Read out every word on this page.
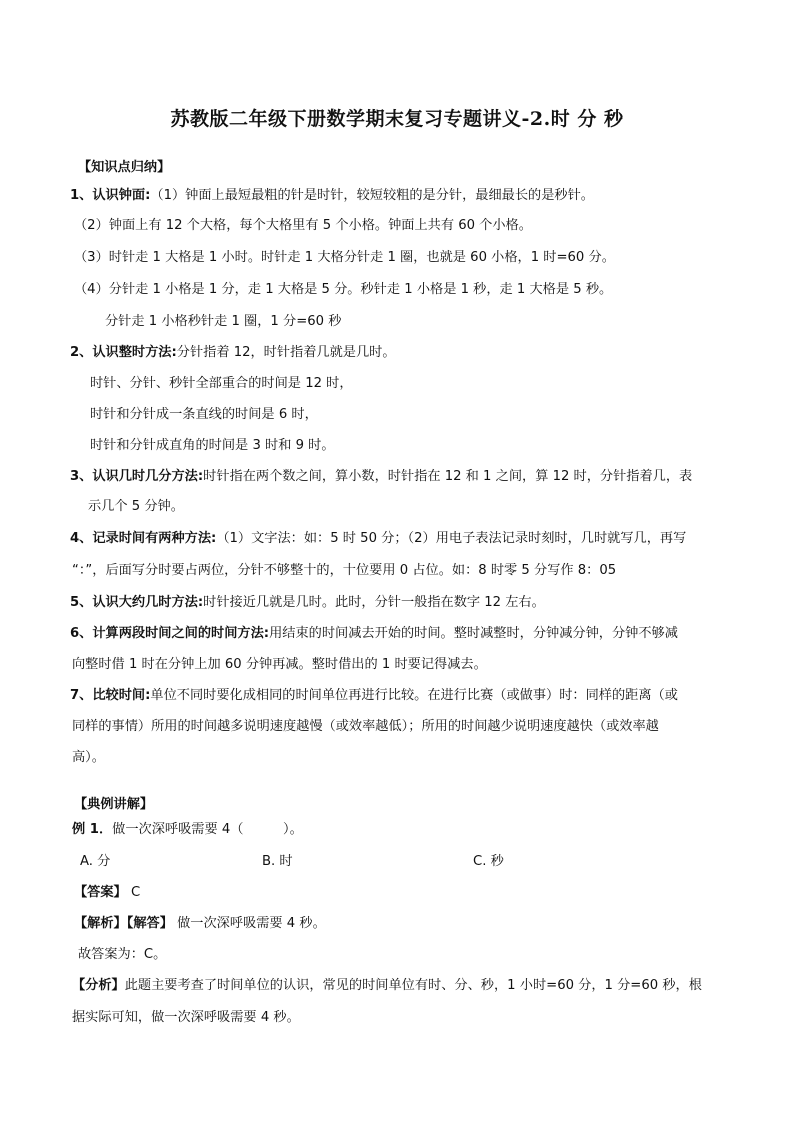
苏教版二年级下册数学期末复习专题讲义-2.时 分 秒
【知识点归纳】
1、认识钟面:（1）钟面上最短最粗的针是时针，较短较粗的是分针，最细最长的是秒针。
（2）钟面上有 12 个大格，每个大格里有 5 个小格。钟面上共有 60 个小格。
（3）时针走 1 大格是 1 小时。时针走 1 大格分针走 1 圈，也就是 60 小格，1 时=60 分。
（4）分针走 1 小格是 1 分，走 1 大格是 5 分。秒针走 1 小格是 1 秒，走 1 大格是 5 秒。
分针走 1 小格秒针走 1 圈，1 分=60 秒
2、认识整时方法:分针指着 12，时针指着几就是几时。
时针、分针、秒针全部重合的时间是 12 时，
时针和分针成一条直线的时间是 6 时，
时针和分针成直角的时间是 3 时和 9 时。
3、认识几时几分方法:时针指在两个数之间，算小数，时针指在 12 和 1 之间，算 12 时，分针指着几，表
示几个 5 分钟。
4、记录时间有两种方法:（1）文字法：如：5 时 50 分；（2）用电子表法记录时刻时，几时就写几，再写
“：”，后面写分时要占两位，分针不够整十的，十位要用 0 占位。如：8 时零 5 分写作 8：05
5、认识大约几时方法:时针接近几就是几时。此时，分针一般指在数字 12 左右。
6、计算两段时间之间的时间方法:用结束的时间减去开始的时间。整时减整时，分钟减分钟，分钟不够减
向整时借 1 时在分钟上加 60 分钟再减。整时借出的 1 时要记得减去。
7、比较时间:单位不同时要化成相同的时间单位再进行比较。在进行比赛（或做事）时：同样的距离（或
同样的事情）所用的时间越多说明速度越慢（或效率越低）；所用的时间越少说明速度越快（或效率越
高）。
【典例讲解】
例 1．做一次深呼吸需要 4（　　　）。
A. 分	B. 时	C. 秒
【答案】 C
【解析】【解答】 做一次深呼吸需要 4 秒。
故答案为：C。
【分析】此题主要考查了时间单位的认识，常见的时间单位有时、分、秒，1 小时=60 分，1 分=60 秒，根
据实际可知，做一次深呼吸需要 4 秒。
